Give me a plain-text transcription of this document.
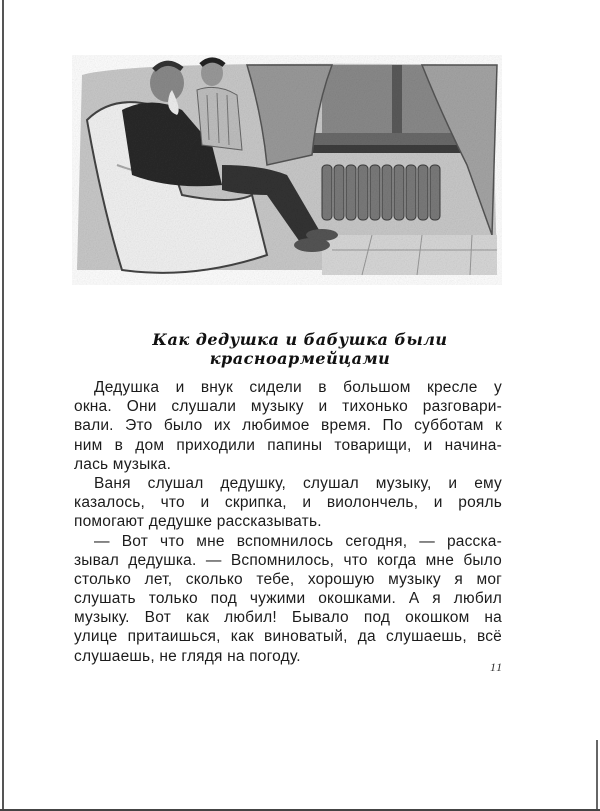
Как дедушка и бабушка были
красноармейцами
Дедушка и внук сидели в большом кресле у
окна. Они слушали музыку и тихонько разговари-
вали. Это было их любимое время. По субботам к
ним в дом приходили папины товарищи, и начина-
лась музыка.
Ваня слушал дедушку, слушал музыку, и ему
казалось, что и скрипка, и виолончель, и рояль
помогают дедушке рассказывать.
— Вот что мне вспомнилось сегодня, — расска-
зывал дедушка. — Вспомнилось, что когда мне было
столько лет, сколько тебе, хорошую музыку я мог
слушать только под чужими окошками. А я любил
музыку. Вот как любил! Бывало под окошком на
улице притаишься, как виноватый, да слушаешь, всё
слушаешь, не глядя на погоду.
11
